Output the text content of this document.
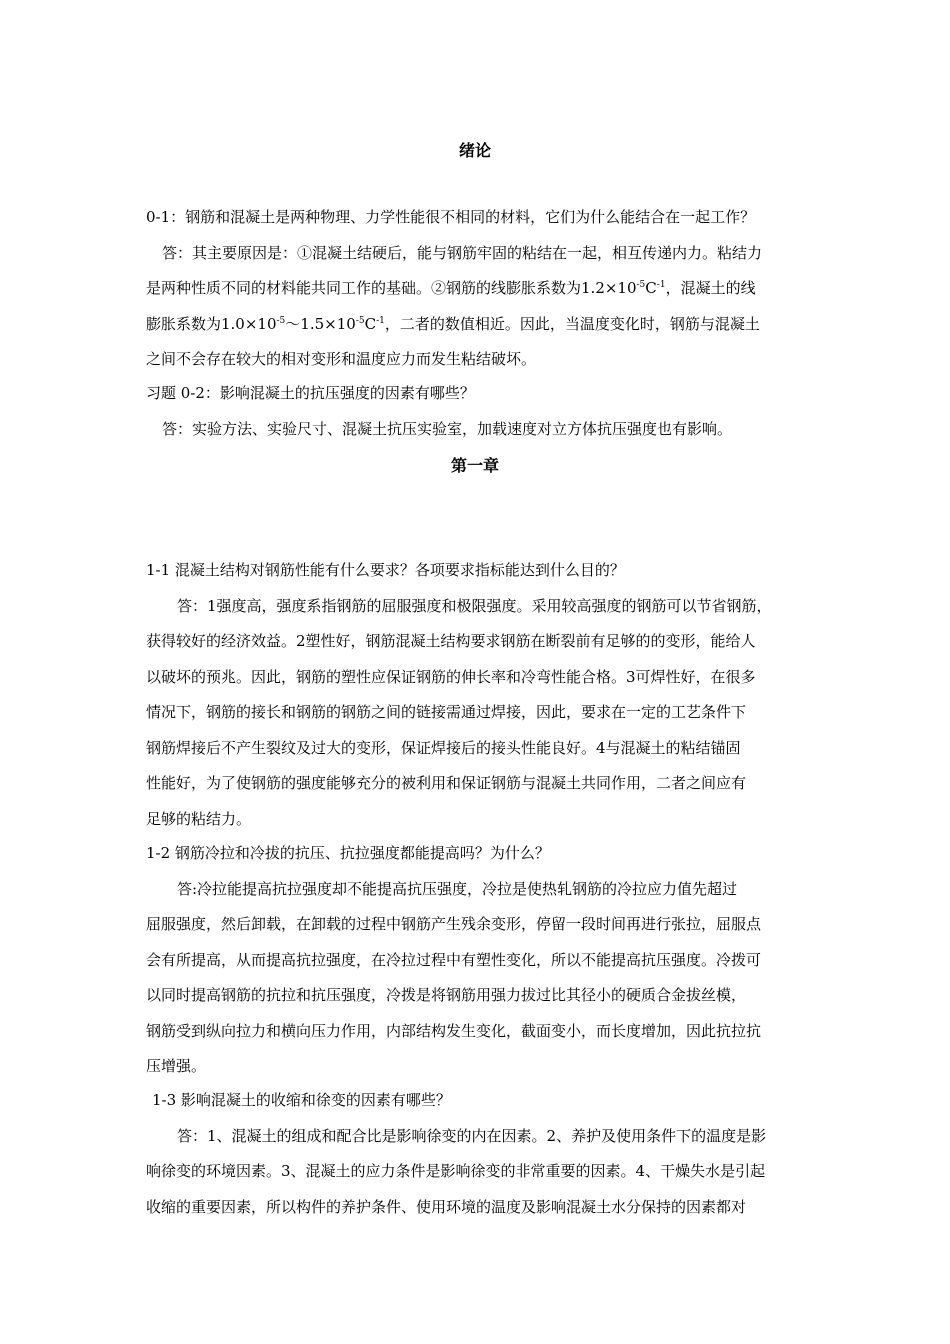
绪论
0-1：钢筋和混凝土是两种物理、力学性能很不相同的材料，它们为什么能结合在一起工作？
答：其主要原因是：①混凝土结硬后，能与钢筋牢固的粘结在一起，相互传递内力。粘结力
是两种性质不同的材料能共同工作的基础。②钢筋的线膨胀系数为$1.2\times 10^{-5}C^{-1}$，混凝土的线
膨胀系数为$1.0\times 10^{-5}\sim 1.5\times 10^{-5}C^{-1}$，二者的数值相近。因此，当温度变化时，钢筋与混凝土
之间不会存在较大的相对变形和温度应力而发生粘结破坏。
习题 0-2：影响混凝土的抗压强度的因素有哪些？
答：实验方法、实验尺寸、混凝土抗压实验室，加载速度对立方体抗压强度也有影响。
第一章
1-1 混凝土结构对钢筋性能有什么要求？各项要求指标能达到什么目的？
答：1强度高，强度系指钢筋的屈服强度和极限强度。采用较高强度的钢筋可以节省钢筋，
获得较好的经济效益。2塑性好，钢筋混凝土结构要求钢筋在断裂前有足够的的变形，能给人
以破坏的预兆。因此，钢筋的塑性应保证钢筋的伸长率和冷弯性能合格。3可焊性好，在很多
情况下，钢筋的接长和钢筋的钢筋之间的链接需通过焊接，因此，要求在一定的工艺条件下
钢筋焊接后不产生裂纹及过大的变形，保证焊接后的接头性能良好。4与混凝土的粘结锚固
性能好，为了使钢筋的强度能够充分的被利用和保证钢筋与混凝土共同作用，二者之间应有
足够的粘结力。
1-2 钢筋冷拉和冷拔的抗压、抗拉强度都能提高吗？为什么？
答:冷拉能提高抗拉强度却不能提高抗压强度，冷拉是使热轧钢筋的冷拉应力值先超过
屈服强度，然后卸载，在卸载的过程中钢筋产生残余变形，停留一段时间再进行张拉，屈服点
会有所提高，从而提高抗拉强度，在冷拉过程中有塑性变化，所以不能提高抗压强度。冷拨可
以同时提高钢筋的抗拉和抗压强度，冷拨是将钢筋用强力拔过比其径小的硬质合金拔丝模，
钢筋受到纵向拉力和横向压力作用，内部结构发生变化，截面变小，而长度增加，因此抗拉抗
压增强。
1-3 影响混凝土的收缩和徐变的因素有哪些？
答：1、混凝土的组成和配合比是影响徐变的内在因素。2、养护及使用条件下的温度是影
响徐变的环境因素。3、混凝土的应力条件是影响徐变的非常重要的因素。4、干燥失水是引起
收缩的重要因素，所以构件的养护条件、使用环境的温度及影响混凝土水分保持的因素都对
